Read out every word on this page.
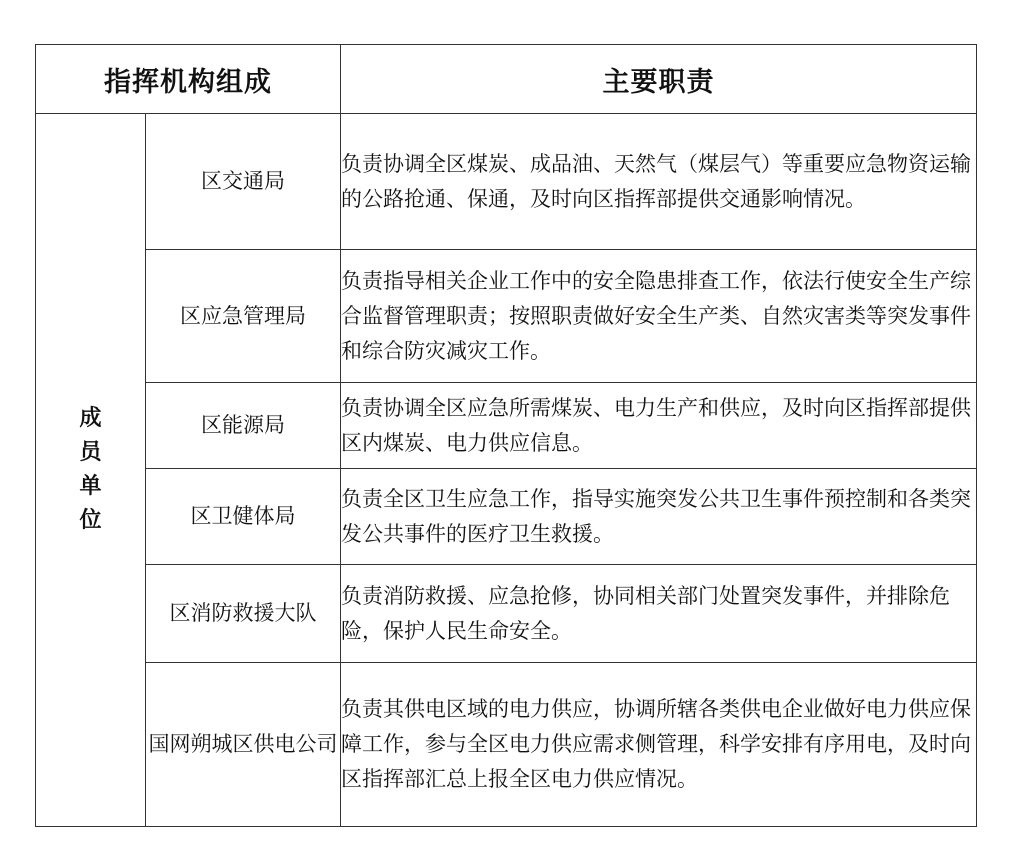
指挥机构组成		主要职责
成员单位	区交通局	负责协调全区煤炭、成品油、天然气（煤层气）等重要应急物资运输的公路抢通、保通，及时向区指挥部提供交通影响情况。
	区应急管理局	负责指导相关企业工作中的安全隐患排查工作，依法行使安全生产综合监督管理职责；按照职责做好安全生产类、自然灾害类等突发事件和综合防灾减灾工作。
	区能源局	负责协调全区应急所需煤炭、电力生产和供应，及时向区指挥部提供区内煤炭、电力供应信息。
	区卫健体局	负责全区卫生应急工作，指导实施突发公共卫生事件预控制和各类突发公共事件的医疗卫生救援。
	区消防救援大队	负责消防救援、应急抢修，协同相关部门处置突发事件，并排除危险，保护人民生命安全。
	国网朔城区供电公司	负责其供电区域的电力供应，协调所辖各类供电企业做好电力供应保障工作，参与全区电力供应需求侧管理，科学安排有序用电，及时向区指挥部汇总上报全区电力供应情况。
